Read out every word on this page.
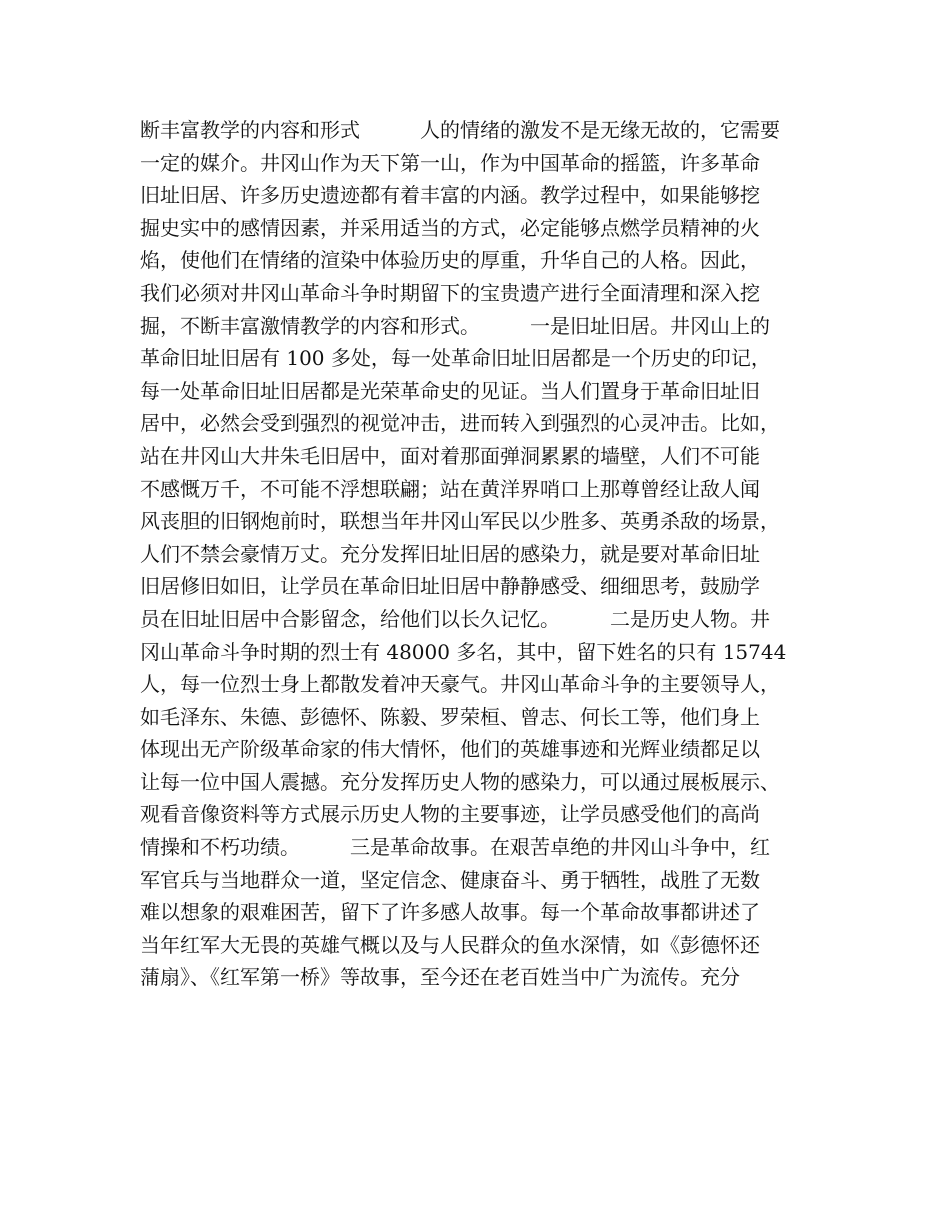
断丰富教学的内容和形式　　　人的情绪的激发不是无缘无故的，它需要
一定的媒介。井冈山作为天下第一山，作为中国革命的摇篮，许多革命
旧址旧居、许多历史遗迹都有着丰富的内涵。教学过程中，如果能够挖
掘史实中的感情因素，并采用适当的方式，必定能够点燃学员精神的火
焰，使他们在情绪的渲染中体验历史的厚重，升华自己的人格。因此，
我们必须对井冈山革命斗争时期留下的宝贵遗产进行全面清理和深入挖
掘，不断丰富激情教学的内容和形式。　　　一是旧址旧居。井冈山上的
革命旧址旧居有 100 多处，每一处革命旧址旧居都是一个历史的印记，
每一处革命旧址旧居都是光荣革命史的见证。当人们置身于革命旧址旧
居中，必然会受到强烈的视觉冲击，进而转入到强烈的心灵冲击。比如，
站在井冈山大井朱毛旧居中，面对着那面弹洞累累的墙壁，人们不可能
不感慨万千，不可能不浮想联翩；站在黄洋界哨口上那尊曾经让敌人闻
风丧胆的旧钢炮前时，联想当年井冈山军民以少胜多、英勇杀敌的场景，
人们不禁会豪情万丈。充分发挥旧址旧居的感染力，就是要对革命旧址
旧居修旧如旧，让学员在革命旧址旧居中静静感受、细细思考，鼓励学
员在旧址旧居中合影留念，给他们以长久记忆。　　　二是历史人物。井
冈山革命斗争时期的烈士有 48000 多名，其中，留下姓名的只有 15744
人，每一位烈士身上都散发着冲天豪气。井冈山革命斗争的主要领导人，
如毛泽东、朱德、彭德怀、陈毅、罗荣桓、曾志、何长工等，他们身上
体现出无产阶级革命家的伟大情怀，他们的英雄事迹和光辉业绩都足以
让每一位中国人震撼。充分发挥历史人物的感染力，可以通过展板展示、
观看音像资料等方式展示历史人物的主要事迹，让学员感受他们的高尚
情操和不朽功绩。　　　三是革命故事。在艰苦卓绝的井冈山斗争中，红
军官兵与当地群众一道，坚定信念、健康奋斗、勇于牺牲，战胜了无数
难以想象的艰难困苦，留下了许多感人故事。每一个革命故事都讲述了
当年红军大无畏的英雄气概以及与人民群众的鱼水深情，如《彭德怀还
蒲扇》、《红军第一桥》等故事，至今还在老百姓当中广为流传。充分
